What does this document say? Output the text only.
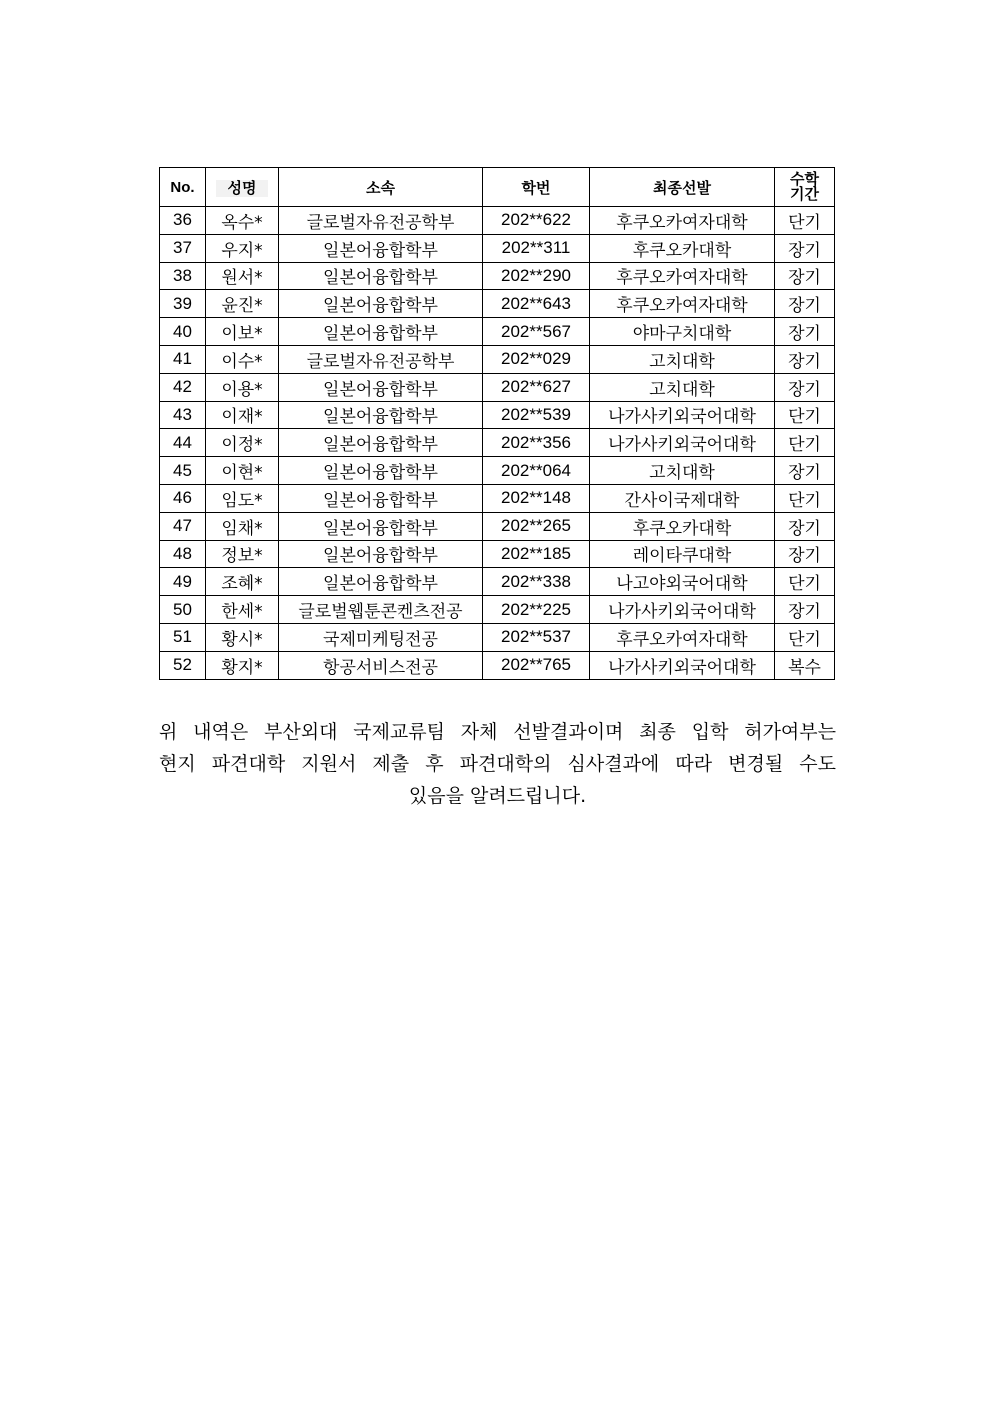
No.	성명	소속	학번	최종선발	수학
기간
36	옥수*	글로벌자유전공학부	202**622	후쿠오카여자대학	단기
37	우지*	일본어융합학부	202**311	후쿠오카대학	장기
38	원서*	일본어융합학부	202**290	후쿠오카여자대학	장기
39	윤진*	일본어융합학부	202**643	후쿠오카여자대학	장기
40	이보*	일본어융합학부	202**567	야마구치대학	장기
41	이수*	글로벌자유전공학부	202**029	고치대학	장기
42	이용*	일본어융합학부	202**627	고치대학	장기
43	이재*	일본어융합학부	202**539	나가사키외국어대학	단기
44	이정*	일본어융합학부	202**356	나가사키외국어대학	단기
45	이현*	일본어융합학부	202**064	고치대학	장기
46	임도*	일본어융합학부	202**148	간사이국제대학	단기
47	임채*	일본어융합학부	202**265	후쿠오카대학	장기
48	정보*	일본어융합학부	202**185	레이타쿠대학	장기
49	조혜*	일본어융합학부	202**338	나고야외국어대학	단기
50	한세*	글로벌웹툰콘켄츠전공	202**225	나가사키외국어대학	장기
51	황시*	국제미케팅전공	202**537	후쿠오카여자대학	단기
52	황지*	항공서비스전공	202**765	나가사키외국어대학	복수
위 내역은 부산외대 국제교류팀 자체 선발결과이며 최종 입학 허가여부는
현지 파견대학 지원서 제출 후 파견대학의 심사결과에 따라 변경될 수도
있음을 알려드립니다.
